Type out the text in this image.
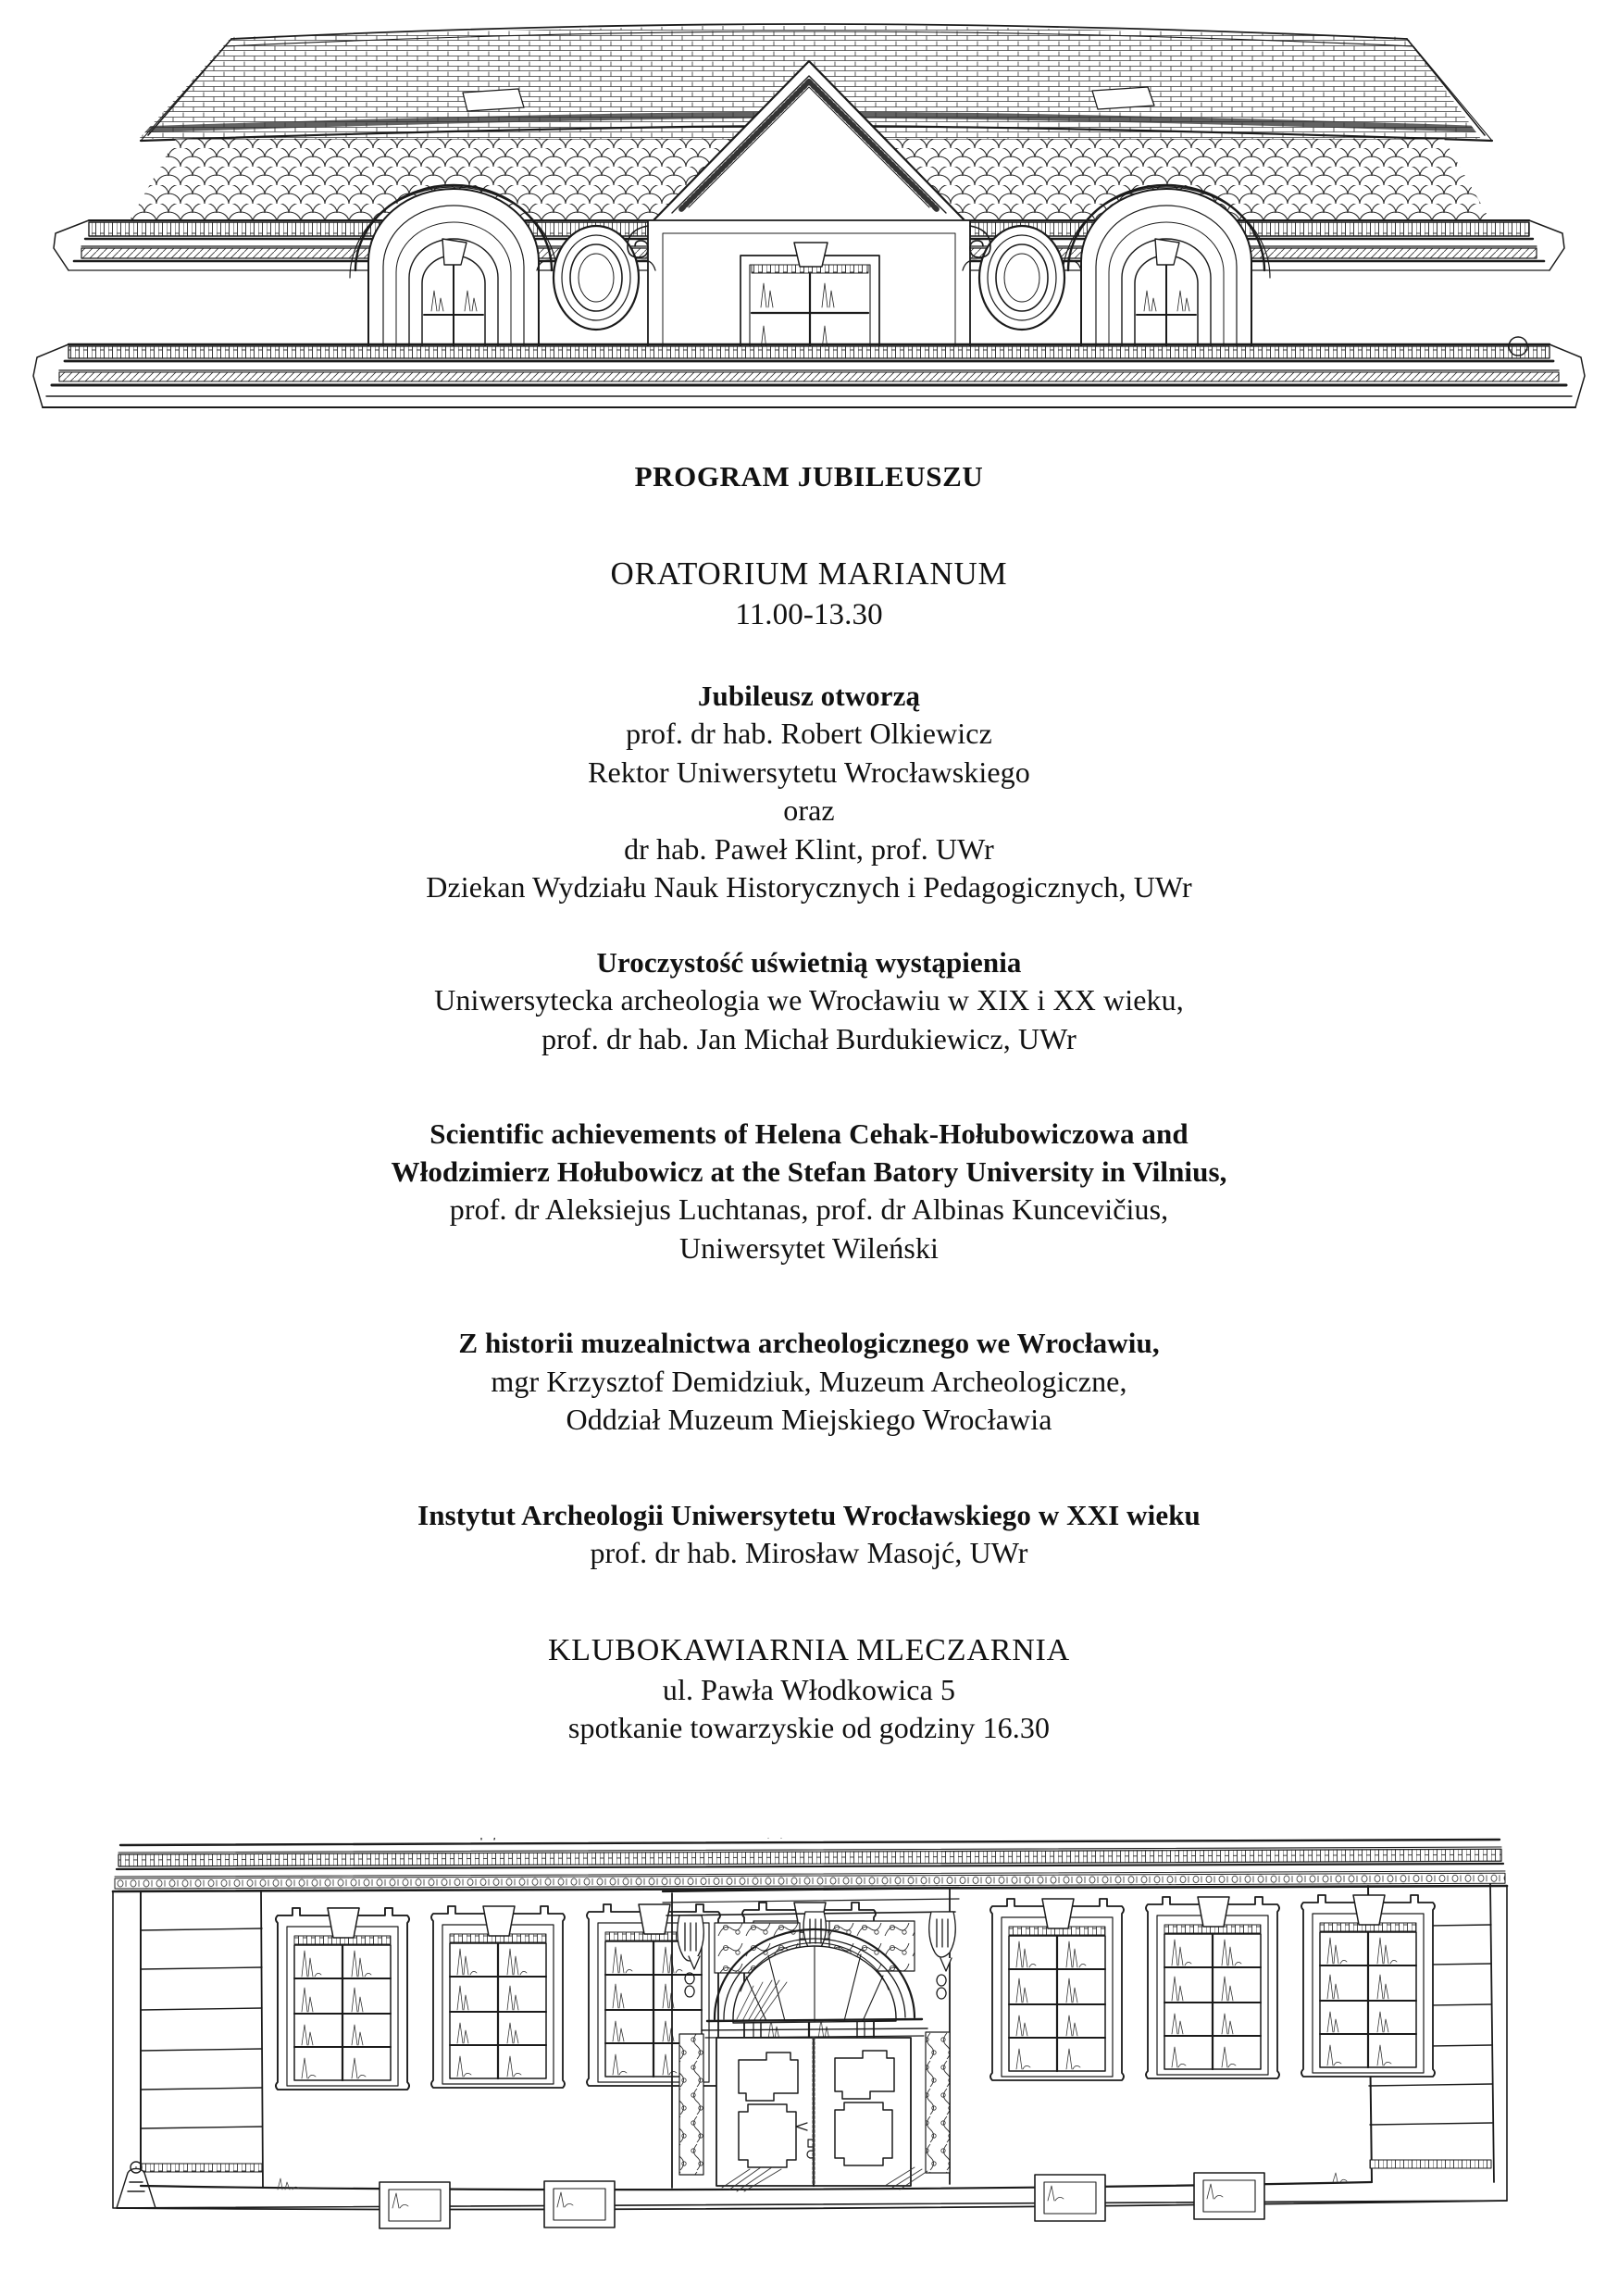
PROGRAM JUBILEUSZU
ORATORIUM MARIANUM
11.00-13.30
Jubileusz otworzą
prof. dr hab. Robert Olkiewicz
Rektor Uniwersytetu Wrocławskiego
oraz
dr hab. Paweł Klint, prof. UWr
Dziekan Wydziału Nauk Historycznych i Pedagogicznych, UWr
Uroczystość uświetnią wystąpienia
Uniwersytecka archeologia we Wrocławiu w XIX i XX wieku,
prof. dr hab. Jan Michał Burdukiewicz, UWr
Scientific achievements of Helena Cehak-Hołubowiczowa and
Włodzimierz Hołubowicz at the Stefan Batory University in Vilnius,
prof. dr Aleksiejus Luchtanas, prof. dr Albinas Kuncevičius,
Uniwersytet Wileński
Z historii muzealnictwa archeologicznego we Wrocławiu,
mgr Krzysztof Demidziuk, Muzeum Archeologiczne,
Oddział Muzeum Miejskiego Wrocławia
Instytut Archeologii Uniwersytetu Wrocławskiego w XXI wieku
prof. dr hab. Mirosław Masojć, UWr
KLUBOKAWIARNIA MLECZARNIA
ul. Pawła Włodkowica 5
spotkanie towarzyskie od godziny 16.30
